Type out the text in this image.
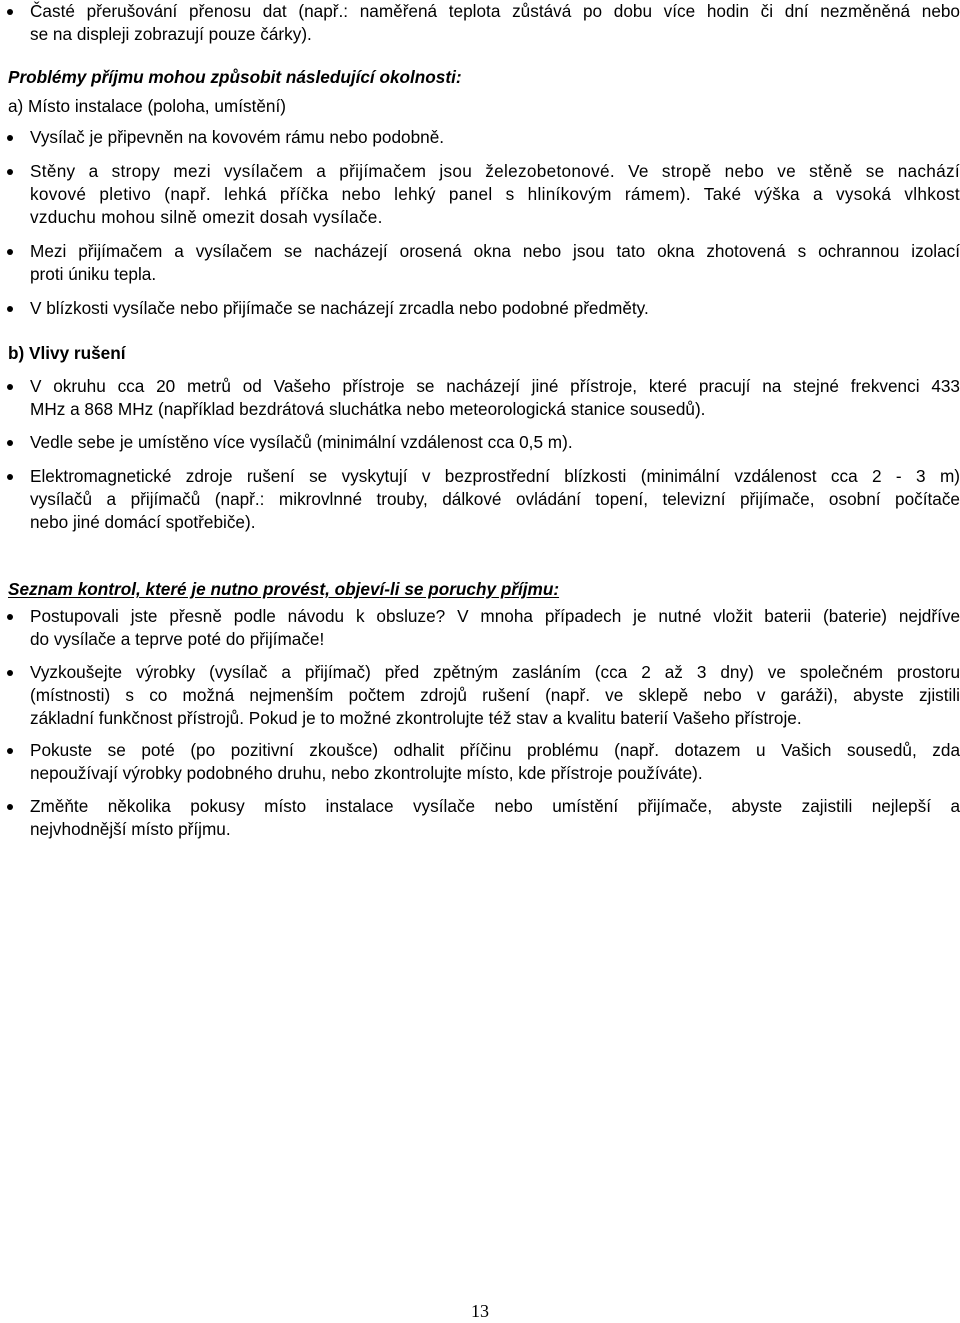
Časté přerušování přenosu dat (např.: naměřená teplota zůstává po dobu více hodin či dní nezměněná nebo
se na displeji zobrazují pouze čárky).
Problémy příjmu mohou způsobit následující okolnosti:
a) Místo instalace (poloha, umístění)
Vysílač je připevněn na kovovém rámu nebo podobně.
Stěny a stropy mezi vysílačem a přijímačem jsou železobetonové. Ve stropě nebo ve stěně se nachází
kovové pletivo (např. lehká příčka nebo lehký panel s hliníkovým rámem). Také výška a vysoká vlhkost
vzduchu mohou silně omezit dosah vysílače.
Mezi přijímačem a vysílačem se nacházejí orosená okna nebo jsou tato okna zhotovená s ochrannou izolací
proti úniku tepla.
V blízkosti vysílače nebo přijímače se nacházejí zrcadla nebo podobné předměty.
b) Vlivy rušení
V okruhu cca 20 metrů od Vašeho přístroje se nacházejí jiné přístroje, které pracují na stejné frekvenci 433
MHz a 868 MHz (například bezdrátová sluchátka nebo meteorologická stanice sousedů).
Vedle sebe je umístěno více vysílačů (minimální vzdálenost cca 0,5 m).
Elektromagnetické zdroje rušení se vyskytují v bezprostřední blízkosti (minimální vzdálenost cca 2 - 3 m)
vysílačů a přijímačů (např.: mikrovlnné trouby, dálkové ovládání topení, televizní přijímače, osobní počítače
nebo jiné domácí spotřebiče).
Seznam kontrol, které je nutno provést, objeví-li se poruchy příjmu:
Postupovali jste přesně podle návodu k obsluze? V mnoha případech je nutné vložit baterii (baterie) nejdříve
do vysílače a teprve poté do přijímače!
Vyzkoušejte výrobky (vysílač a přijímač) před zpětným zasláním (cca 2 až 3 dny) ve společném prostoru
(místnosti) s co možná nejmenším počtem zdrojů rušení (např. ve sklepě nebo v garáži), abyste zjistili
základní funkčnost přístrojů. Pokud je to možné zkontrolujte též stav a kvalitu baterií Vašeho přístroje.
Pokuste se poté (po pozitivní zkoušce) odhalit příčinu problému (např. dotazem u Vašich sousedů, zda
nepoužívají výrobky podobného druhu, nebo zkontrolujte místo, kde přístroje používáte).
Změňte několika pokusy místo instalace vysílače nebo umístění přijímače, abyste zajistili nejlepší a
nejvhodnější místo příjmu.
13
